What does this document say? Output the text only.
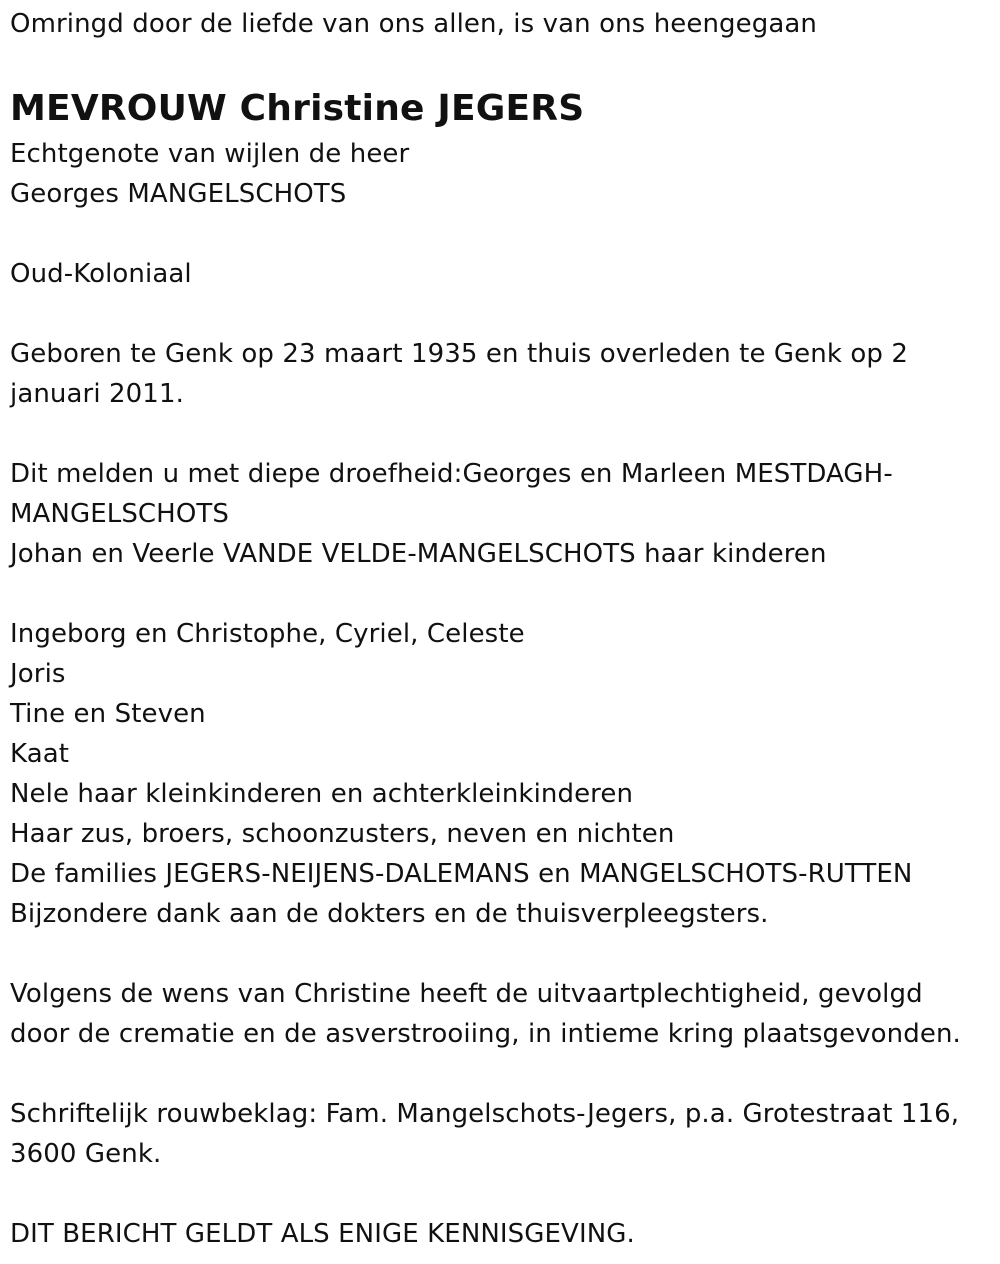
Omringd door de liefde van ons allen, is van ons heengegaan
MEVROUW Christine JEGERS
Echtgenote van wijlen de heer
Georges MANGELSCHOTS
Oud-Koloniaal
Geboren te Genk op 23 maart 1935 en thuis overleden te Genk op 2
januari 2011.
Dit melden u met diepe droefheid:Georges en Marleen MESTDAGH-
MANGELSCHOTS
Johan en Veerle VANDE VELDE-MANGELSCHOTS haar kinderen
Ingeborg en Christophe, Cyriel, Celeste
Joris
Tine en Steven
Kaat
Nele haar kleinkinderen en achterkleinkinderen
Haar zus, broers, schoonzusters, neven en nichten
De families JEGERS-NEIJENS-DALEMANS en MANGELSCHOTS-RUTTEN
Bijzondere dank aan de dokters en de thuisverpleegsters.
Volgens de wens van Christine heeft de uitvaartplechtigheid, gevolgd
door de crematie en de asverstrooiing, in intieme kring plaatsgevonden.
Schriftelijk rouwbeklag: Fam. Mangelschots-Jegers, p.a. Grotestraat 116,
3600 Genk.
DIT BERICHT GELDT ALS ENIGE KENNISGEVING.
